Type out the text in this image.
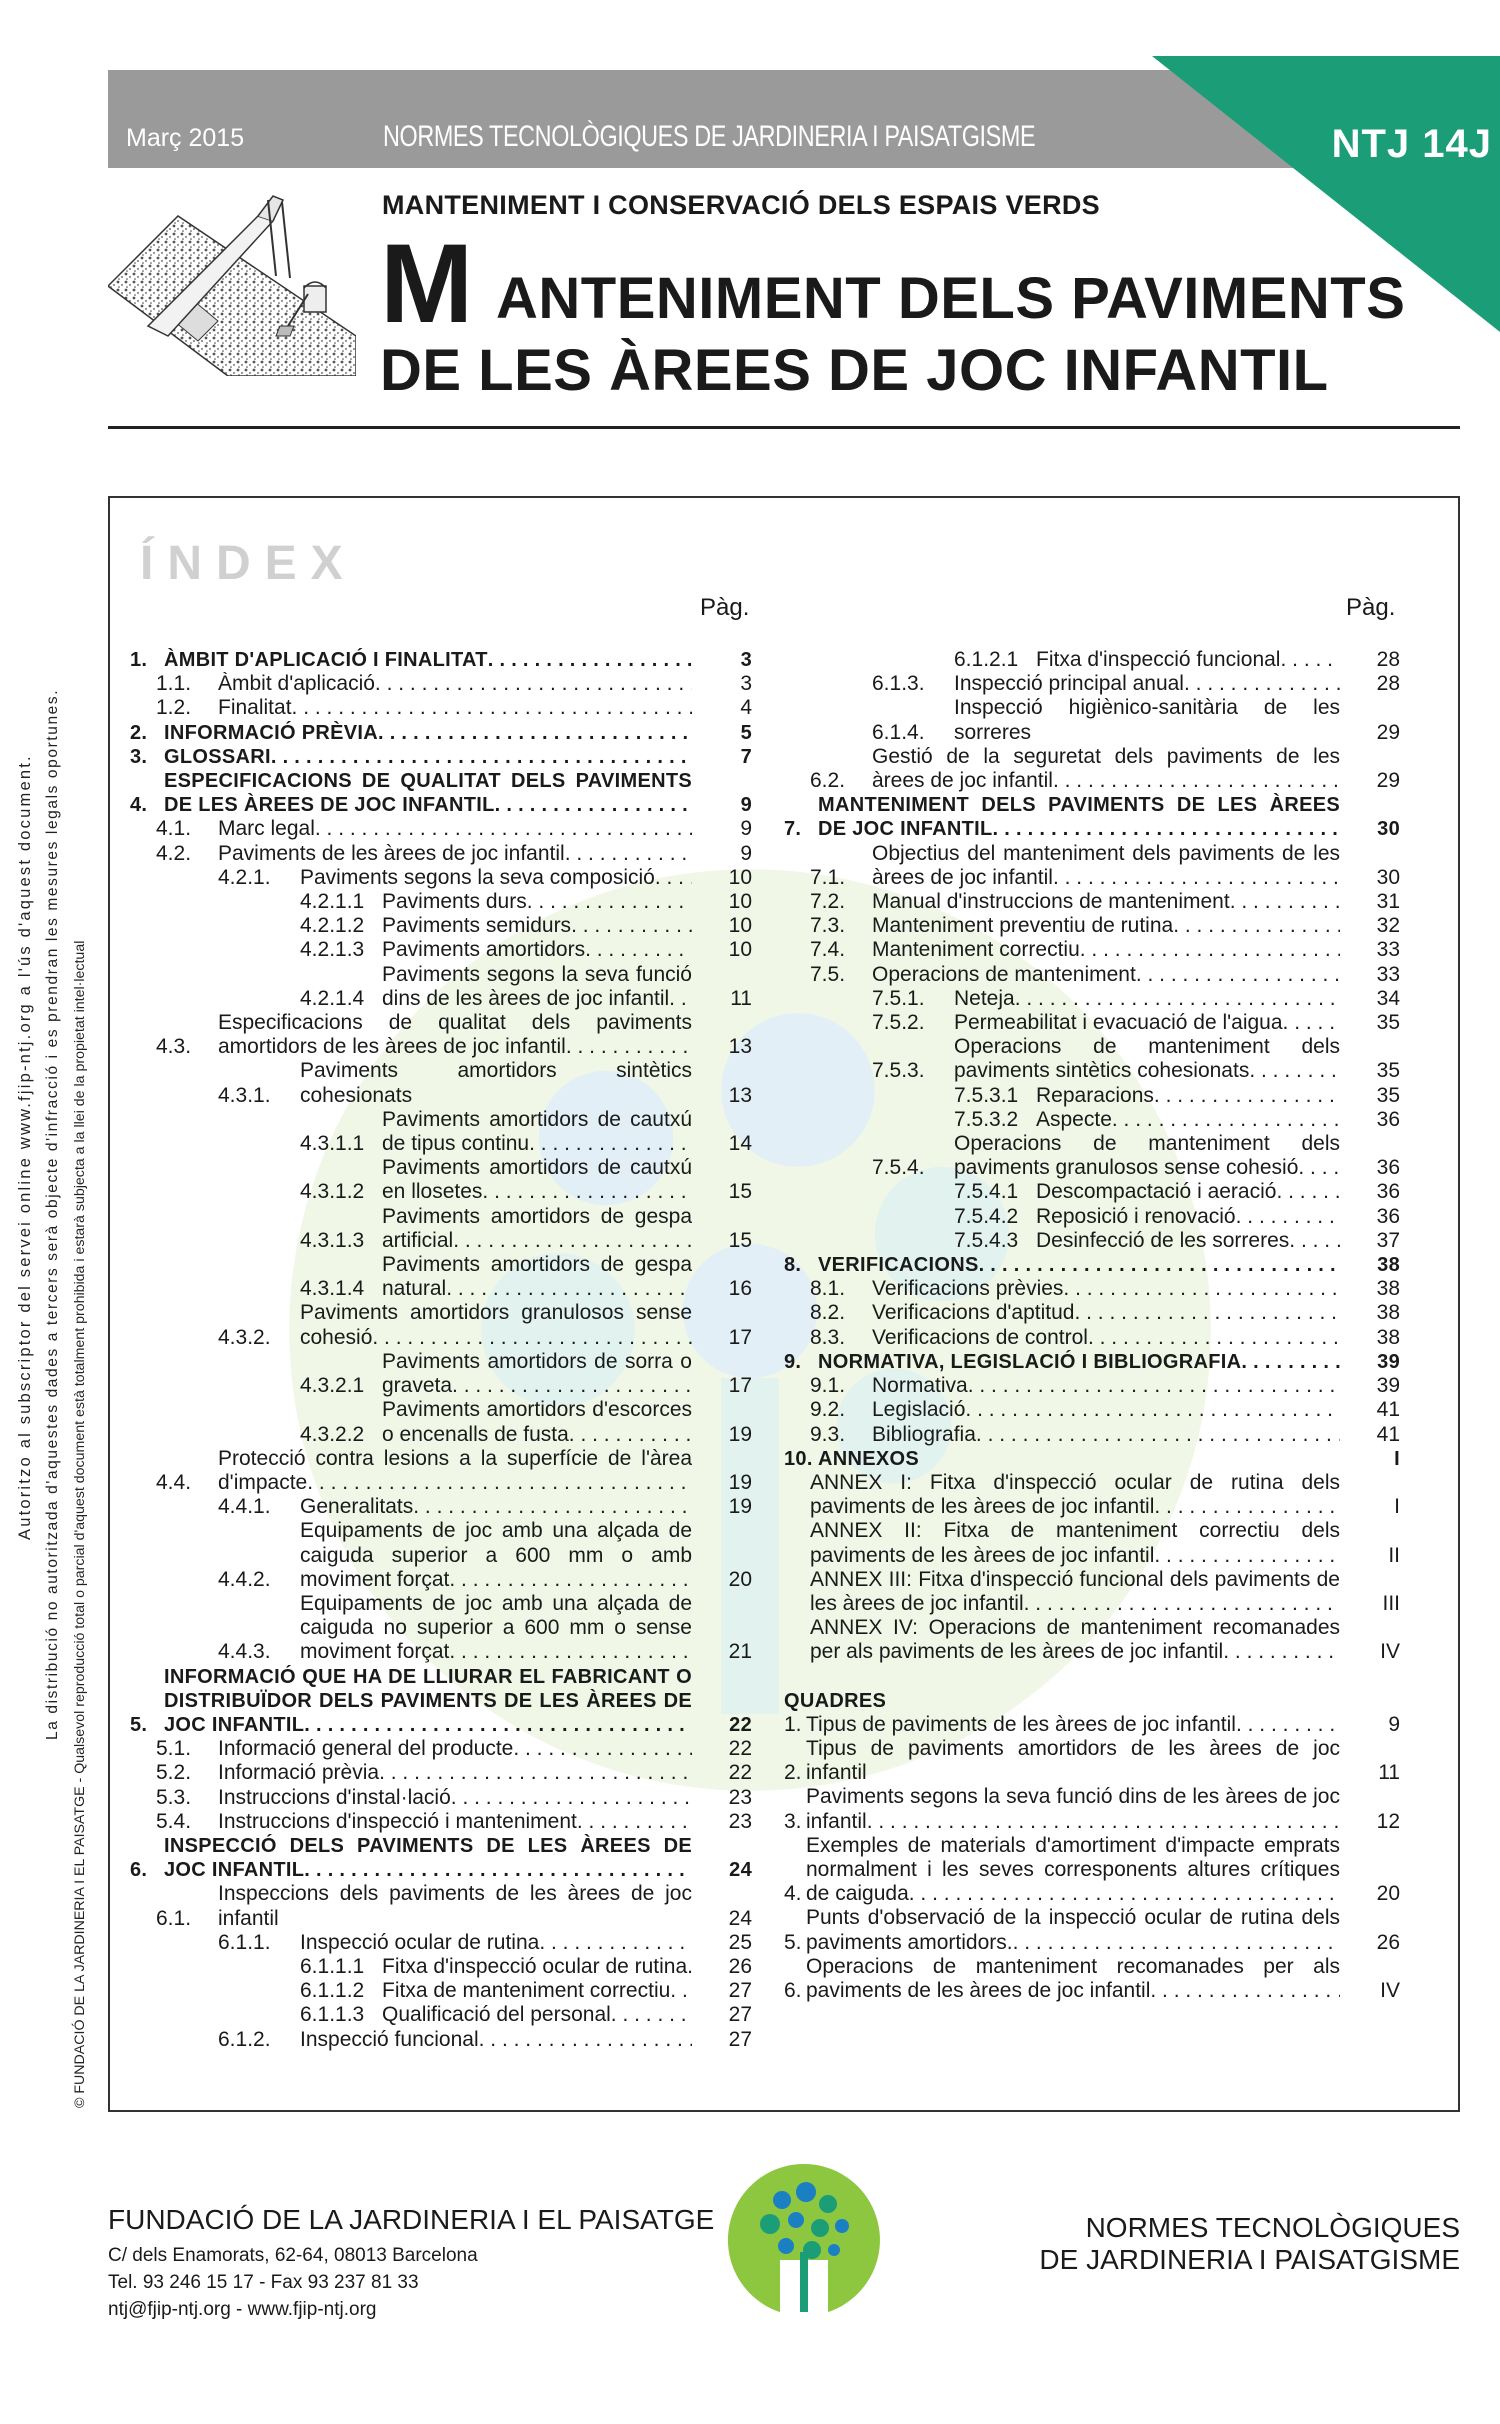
Març 2015	NORMES TECNOLÒGIQUES DE JARDINERIA I PAISATGISME	NTJ 14J
MANTENIMENT I CONSERVACIÓ DELS ESPAIS VERDS
M ANTENIMENT DELS PAVIMENTS
DE LES ÀREES DE JOC INFANTIL
Autoritzo al subscriptor del servei online www.fjip-ntj.org a l'ús d'aquest document. La distribució no autoritzada d'aquestes dades a tercers serà objecte d'infracció i es prendran les mesures legals oportunes. © FUNDACIÓ DE LA JARDINERIA I EL PAISATGE - Qualsevol reproducció total o parcial d'aquest document està totalment prohibida i estarà subjecta a la llei de la propietat intel·lectual
ÍNDEX
Pàg.	Pàg.
1. ÀMBIT D'APLICACIÓ I FINALITAT . . .	3
1.1.	Àmbit d'aplicació . . .	3
1.2.	Finalitat . . .	4
2. INFORMACIÓ PRÈVIA . . .	5
3. GLOSSARI . . .	7
4.
ESPECIFICACIONS DE QUALITAT DELS PAVIMENTS DE LES ÀREES DE JOC INFANTIL . . .	9
4.1.	Marc legal . . .	9
4.2.	Paviments de les àrees de joc infantil . . .	9
4.2.1.	Paviments segons la seva composició . . .	10
4.2.1.1 Paviments durs . . .	10
4.2.1.2 Paviments semidurs . . .	10
4.2.1.3 Paviments amortidors . . .	10
4.2.1.4
Paviments segons la seva funció dins de les àrees de joc infantil . . .	11
4.3.
Especificacions de qualitat dels paviments amortidors de les àrees de joc infantil . . .	13
4.3.1.
Paviments amortidors sintètics cohesionats	13
4.3.1.1
Paviments amortidors de cautxú de tipus continu . . .	14
4.3.1.2
Paviments amortidors de cautxú en llosetes . . .	15
4.3.1.3
Paviments amortidors de gespa artificial . . .	15
4.3.1.4
Paviments amortidors de gespa natural . . .	16
4.3.2.
Paviments amortidors granulosos sense cohesió . . .	17
4.3.2.1
Paviments amortidors de sorra o graveta . . .	17
4.3.2.2
Paviments amortidors d'escorces o encenalls de fusta . . .	19
4.4.
Protecció contra lesions a la superfície de l'àrea d'impacte . . .	19
4.4.1.	Generalitats . . .	19
4.4.2.
Equipaments de joc amb una alçada de caiguda superior a 600 mm o amb moviment forçat . . .	20
4.4.3.
Equipaments de joc amb una alçada de caiguda no superior a 600 mm o sense moviment forçat . . .	21
5.
INFORMACIÓ QUE HA DE LLIURAR EL FABRICANT O DISTRIBUÏDOR DELS PAVIMENTS DE LES ÀREES DE JOC INFANTIL . . .	22
5.1.	Informació general del producte . . .	22
5.2.	Informació prèvia . . .	22
5.3.	Instruccions d'instal·lació . . .	23
5.4.	Instruccions d'inspecció i manteniment . . .	23
6.
INSPECCIÓ DELS PAVIMENTS DE LES ÀREES DE JOC INFANTIL . . .	24
6.1.
Inspeccions dels paviments de les àrees de joc infantil	24
6.1.1.	Inspecció ocular de rutina . . .	25
6.1.1.1 Fitxa d'inspecció ocular de rutina . . .	26
6.1.1.2 Fitxa de manteniment correctiu . . .	27
6.1.1.3 Qualificació del personal . . .	27
6.1.2.	Inspecció funcional . . .	27
6.1.2.1 Fitxa d'inspecció funcional . . .	28
6.1.3.	Inspecció principal anual . . .	28
6.1.4.
Inspecció higiènico-sanitària de les sorreres	29
6.2.
Gestió de la seguretat dels paviments de les àrees de joc infantil . . .	29
7.
MANTENIMENT DELS PAVIMENTS DE LES ÀREES DE JOC INFANTIL . . .	30
7.1.
Objectius del manteniment dels paviments de les àrees de joc infantil . . .	30
7.2.	Manual d'instruccions de manteniment . . .	31
7.3.	Manteniment preventiu de rutina . . .	32
7.4.	Manteniment correctiu . . .	33
7.5.	Operacions de manteniment . . .	33
7.5.1.	Neteja . . .	34
7.5.2.	Permeabilitat i evacuació de l'aigua . . .	35
7.5.3.
Operacions de manteniment dels paviments sintètics cohesionats . . .	35
7.5.3.1 Reparacions . . .	35
7.5.3.2 Aspecte . . .	36
7.5.4.
Operacions de manteniment dels paviments granulosos sense cohesió . . .	36
7.5.4.1 Descompactació i aeració . . .	36
7.5.4.2 Reposició i renovació . . .	36
7.5.4.3 Desinfecció de les sorreres . . .	37
8. VERIFICACIONS . . .	38
8.1.	Verificacions prèvies . . .	38
8.2.	Verificacions d'aptitud . . .	38
8.3.	Verificacions de control . . .	38
9. NORMATIVA, LEGISLACIÓ I BIBLIOGRAFIA . . .	39
9.1.	Normativa . . .	39
9.2.	Legislació . . .	41
9.3.	Bibliografia . . .	41
10. ANNEXOS	I
ANNEX I: Fitxa d'inspecció ocular de rutina dels paviments de les àrees de joc infantil . . .	I
ANNEX II: Fitxa de manteniment correctiu dels paviments de les àrees de joc infantil . . .	II
ANNEX III: Fitxa d'inspecció funcional dels paviments de les àrees de joc infantil . . .	III
ANNEX IV: Operacions de manteniment recomanades per als paviments de les àrees de joc infantil . . .	IV
QUADRES
1. Tipus de paviments de les àrees de joc infantil . . .	9
2.
Tipus de paviments amortidors de les àrees de joc infantil	11
3.
Paviments segons la seva funció dins de les àrees de joc infantil . . .	12
4.
Exemples de materials d'amortiment d'impacte emprats normalment i les seves corresponents altures crítiques de caiguda . . .	20
5.
Punts d'observació de la inspecció ocular de rutina dels paviments amortidors. . . .	26
6.
Operacions de manteniment recomanades per als paviments de les àrees de joc infantil . . .	IV
FUNDACIÓ DE LA JARDINERIA I EL PAISATGE
C/ dels Enamorats, 62-64, 08013 Barcelona
Tel. 93 246 15 17 - Fax 93 237 81 33
ntj@fjip-ntj.org - www.fjip-ntj.org
NORMES TECNOLÒGIQUES
DE JARDINERIA I PAISATGISME
